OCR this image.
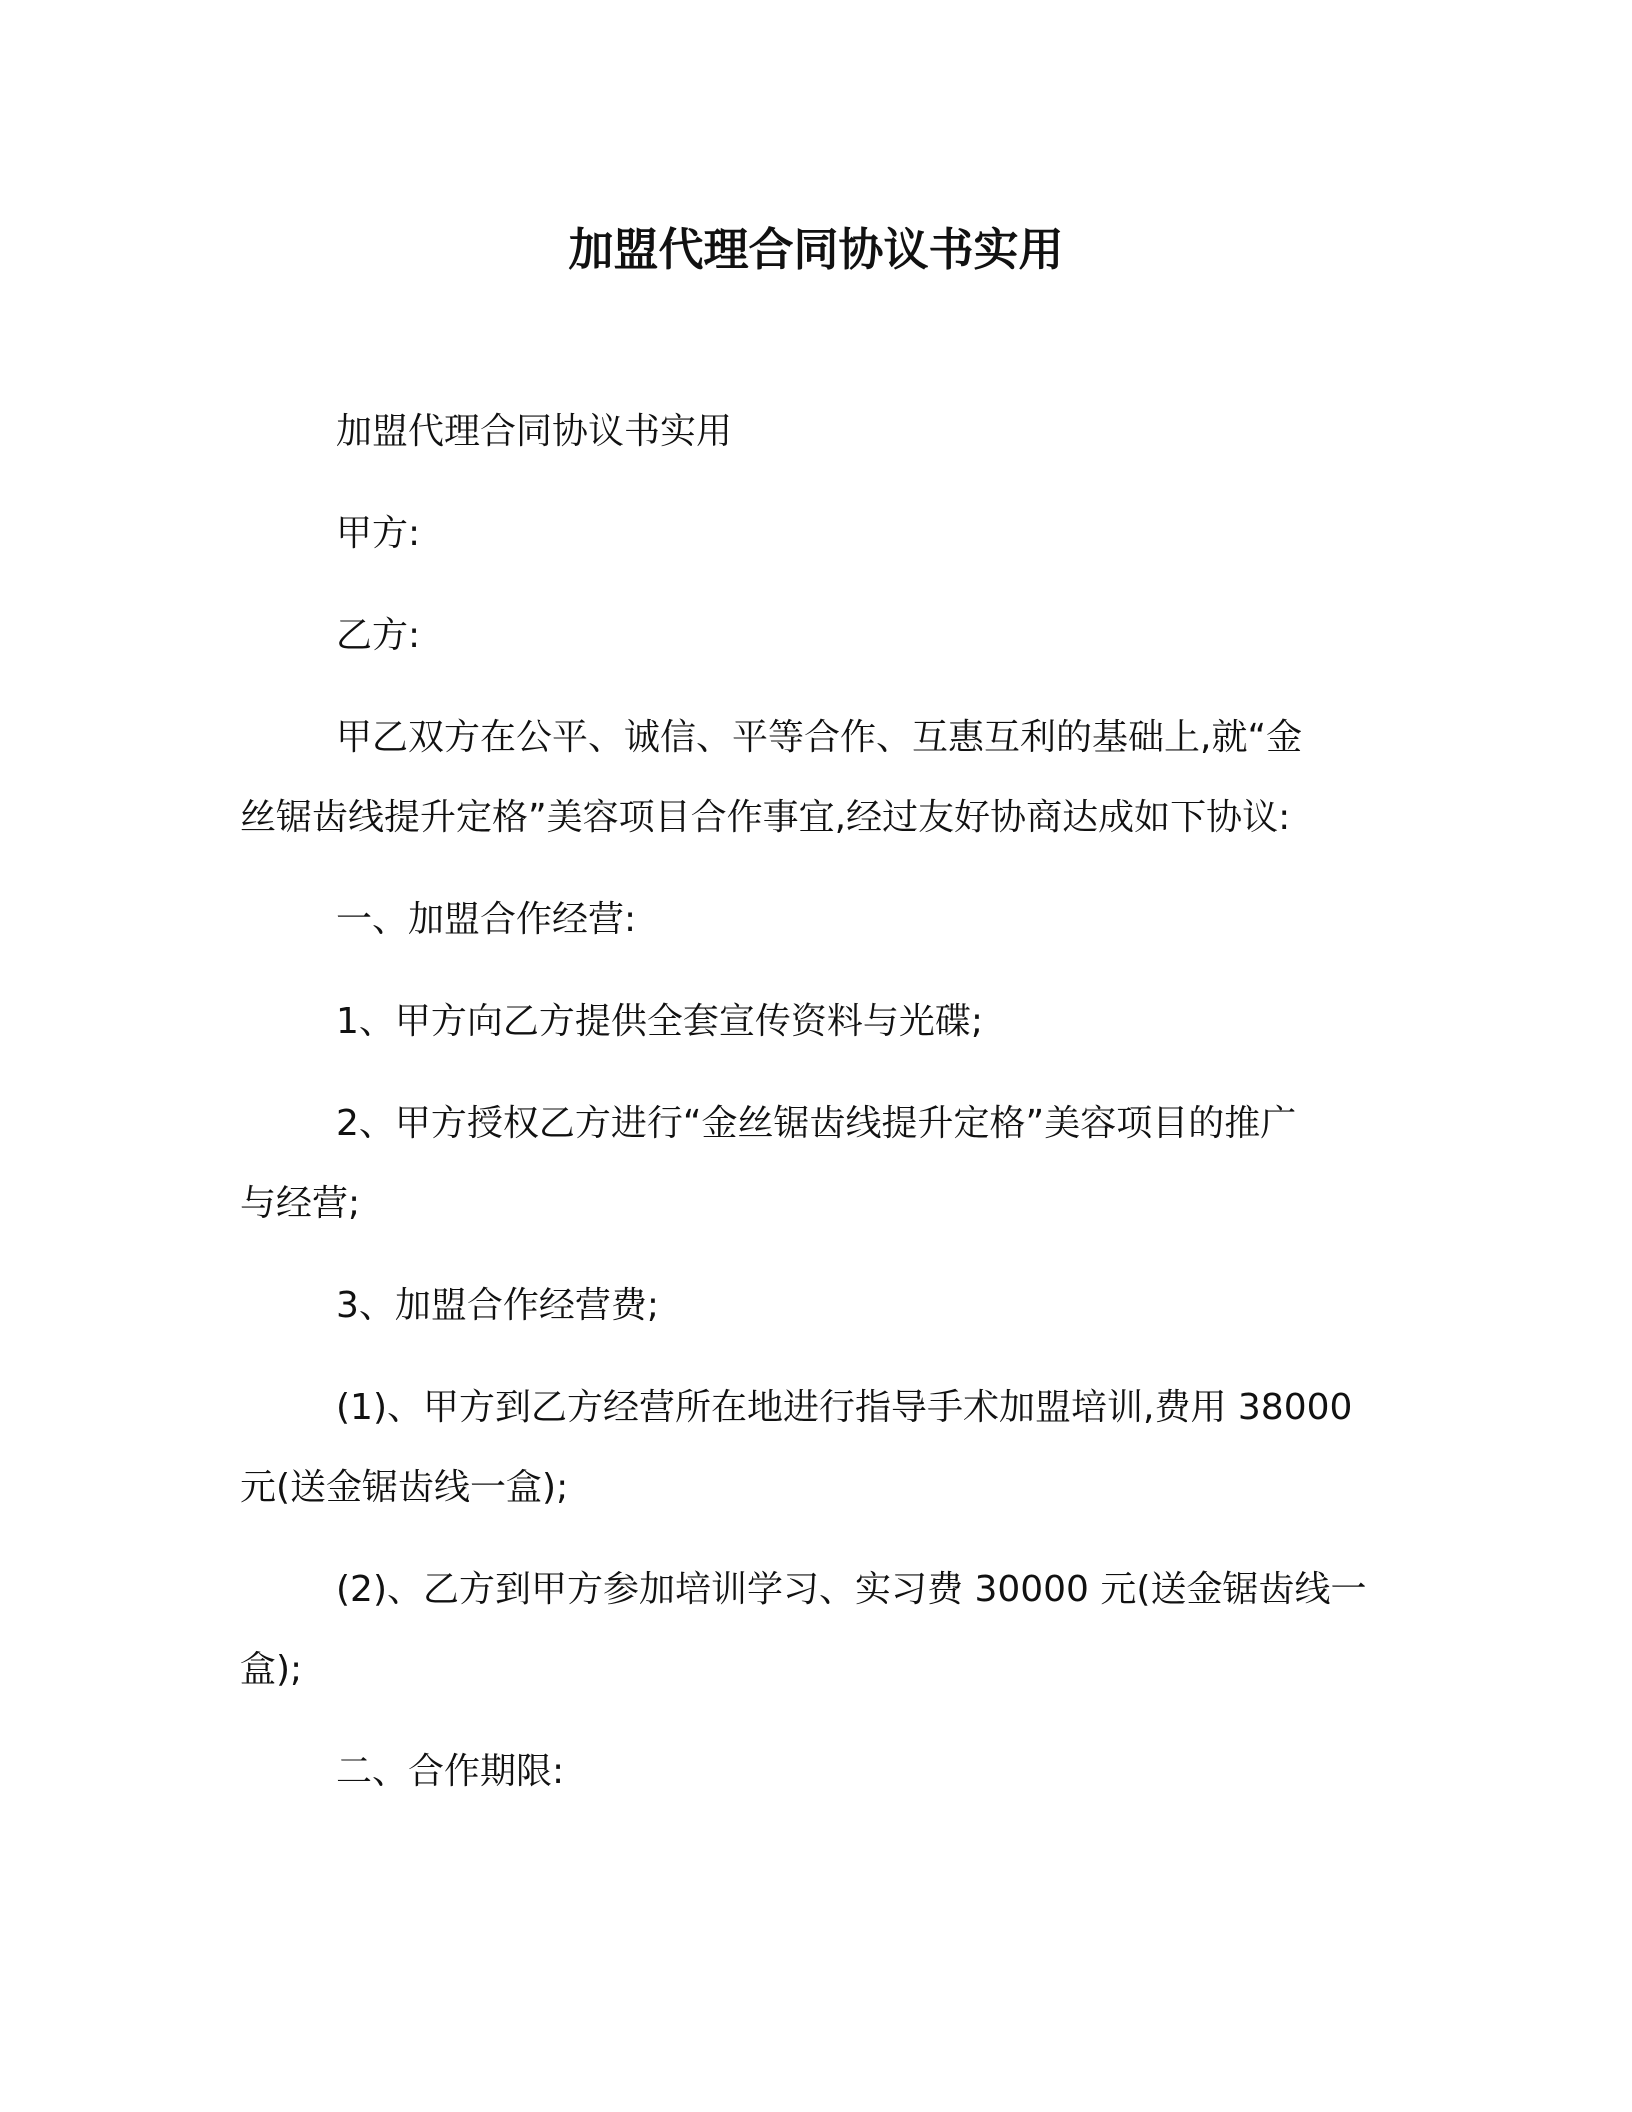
加盟代理合同协议书实用

加盟代理合同协议书实用

甲方:

乙方:

甲乙双方在公平、诚信、平等合作、互惠互利的基础上,就“金
丝锯齿线提升定格”美容项目合作事宜,经过友好协商达成如下协议:

一、加盟合作经营:

1、甲方向乙方提供全套宣传资料与光碟;

2、甲方授权乙方进行“金丝锯齿线提升定格”美容项目的推广
与经营;

3、加盟合作经营费;

(1)、甲方到乙方经营所在地进行指导手术加盟培训,费用 38000
元(送金锯齿线一盒);

(2)、乙方到甲方参加培训学习、实习费 30000 元(送金锯齿线一
盒);

二、合作期限:
